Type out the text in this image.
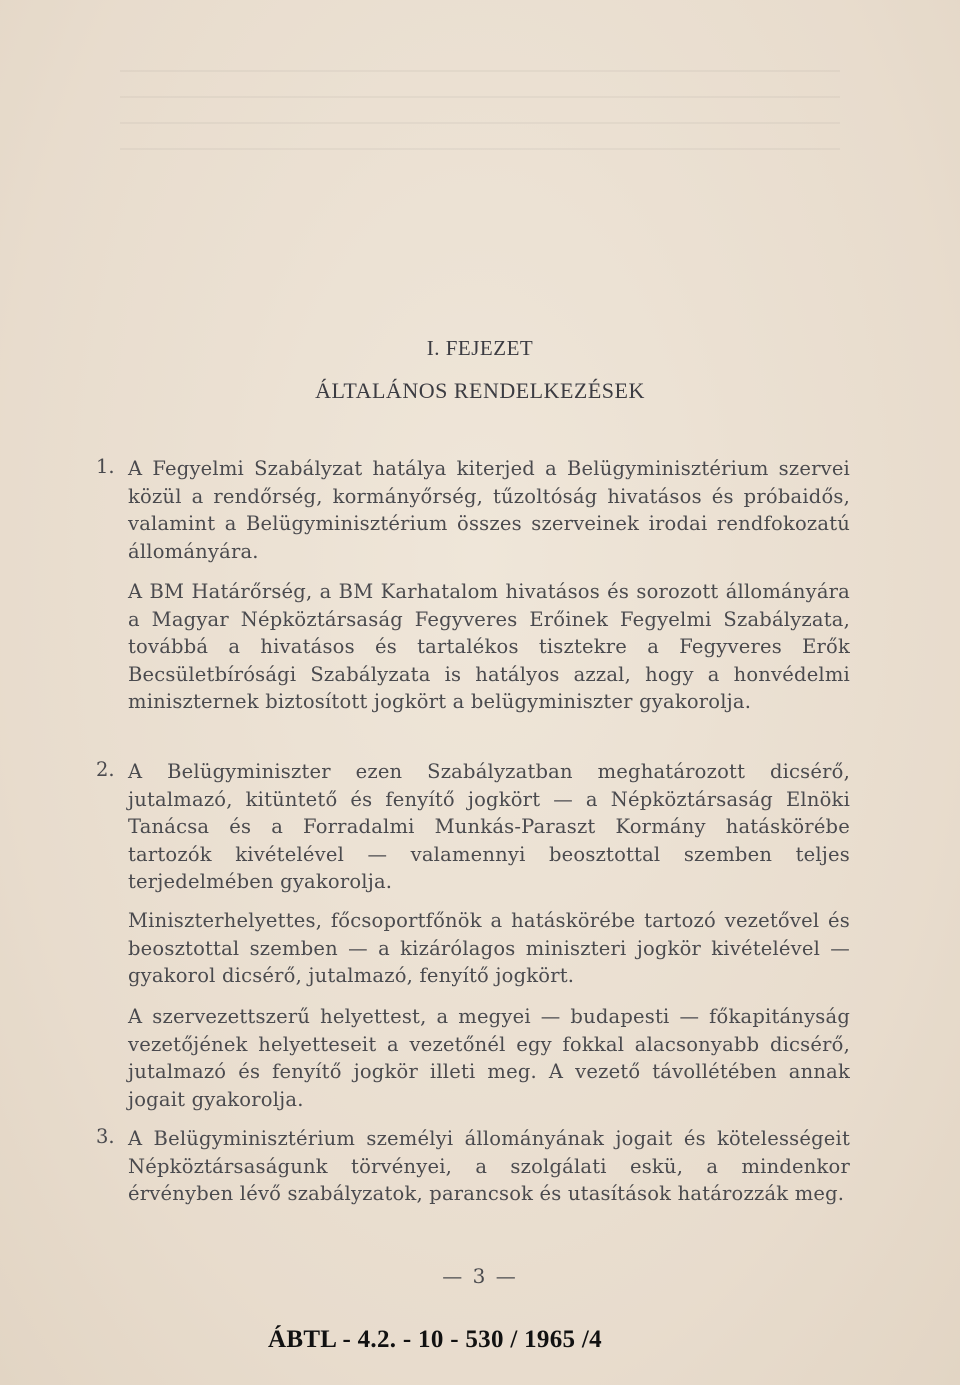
I. FEJEZET
ÁLTALÁNOS RENDELKEZÉSEK
1. A Fegyelmi Szabályzat hatálya kiterjed a Belügyminisztérium szervei közül a rendőrség, kormányőrség, tűzoltóság hivatásos és próbaidős, valamint a Belügyminisztérium összes szerveinek irodai rendfokozatú állományára.
A BM Határőrség, a BM Karhatalom hivatásos és sorozott állományára a Magyar Népköztársaság Fegyveres Erőinek Fegyelmi Szabályzata, továbbá a hivatásos és tartalékos tisztekre a Fegyveres Erők Becsületbírósági Szabályzata is hatályos azzal, hogy a honvédelmi miniszternek biztosított jogkört a belügyminiszter gyakorolja.
2. A Belügyminiszter ezen Szabályzatban meghatározott dicsérő, jutalmazó, kitüntető és fenyítő jogkört — a Népköztársaság Elnöki Tanácsa és a Forradalmi Munkás-Paraszt Kormány hatáskörébe tartozók kivételével — valamennyi beosztottal szemben teljes terjedelmében gyakorolja.
Miniszterhelyettes, főcsoportfőnök a hatáskörébe tartozó vezetővel és beosztottal szemben — a kizárólagos miniszteri jogkör kivételével — gyakorol dicsérő, jutalmazó, fenyítő jogkört.
A szervezettszerű helyettest, a megyei — budapesti — főkapitányság vezetőjének helyetteseit a vezetőnél egy fokkal alacsonyabb dicsérő, jutalmazó és fenyítő jogkör illeti meg. A vezető távollétében annak jogait gyakorolja.
3. A Belügyminisztérium személyi állományának jogait és kötelességeit Népköztársaságunk törvényei, a szolgálati eskü, a mindenkor érvényben lévő szabályzatok, parancsok és utasítások határozzák meg.
— 3 —
ÁBTL - 4.2. - 10 - 530 / 1965 /4
